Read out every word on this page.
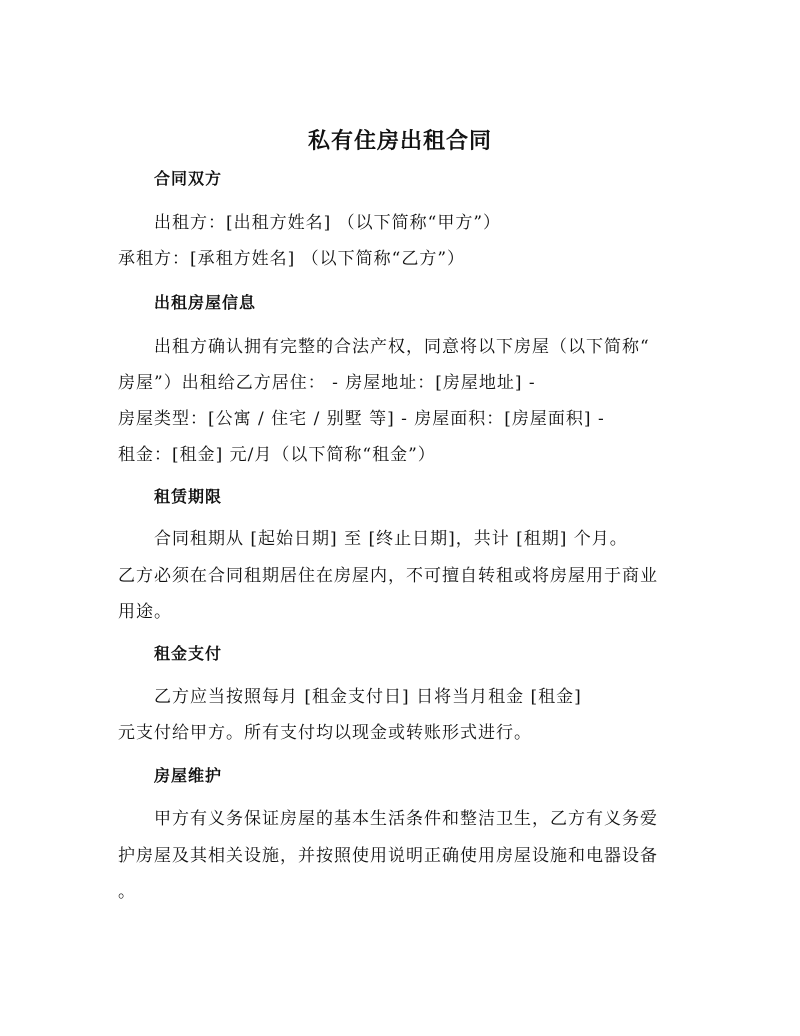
私有住房出租合同
合同双方

出租方：[出租方姓名] （以下简称“甲方”）

承租方：[承租方姓名] （以下简称“乙方”）

出租房屋信息

出租方确认拥有完整的合法产权，同意将以下房屋（以下简称“

房屋”）出租给乙方居住： - 房屋地址：[房屋地址] -

房屋类型：[公寓 / 住宅 / 别墅 等] - 房屋面积：[房屋面积] -

租金：[租金] 元/月（以下简称“租金”）

租赁期限

合同租期从 [起始日期] 至 [终止日期]，共计 [租期] 个月。

乙方必须在合同租期居住在房屋内，不可擅自转租或将房屋用于商业

用途。

租金支付

乙方应当按照每月 [租金支付日] 日将当月租金 [租金]

元支付给甲方。所有支付均以现金或转账形式进行。

房屋维护

甲方有义务保证房屋的基本生活条件和整洁卫生，乙方有义务爱

护房屋及其相关设施，并按照使用说明正确使用房屋设施和电器设备

。
